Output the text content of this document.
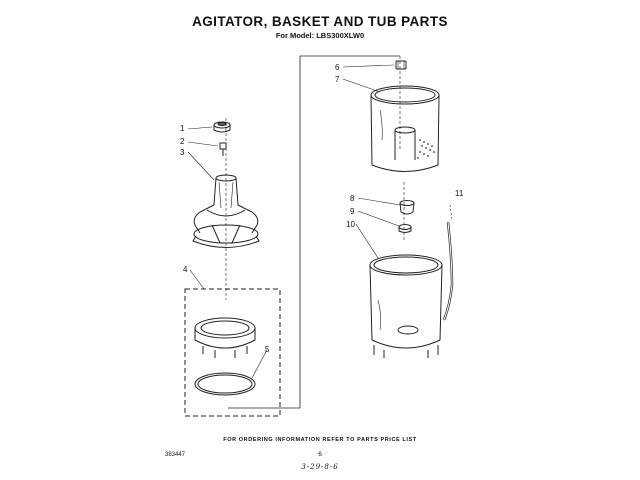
AGITATOR, BASKET AND TUB PARTS
For Model: LBS300XLW0
1
2
3
4
5
6
7
8
9
10
11
FOR ORDERING INFORMATION REFER TO PARTS PRICE LIST
383447	6
3-29-8-6
